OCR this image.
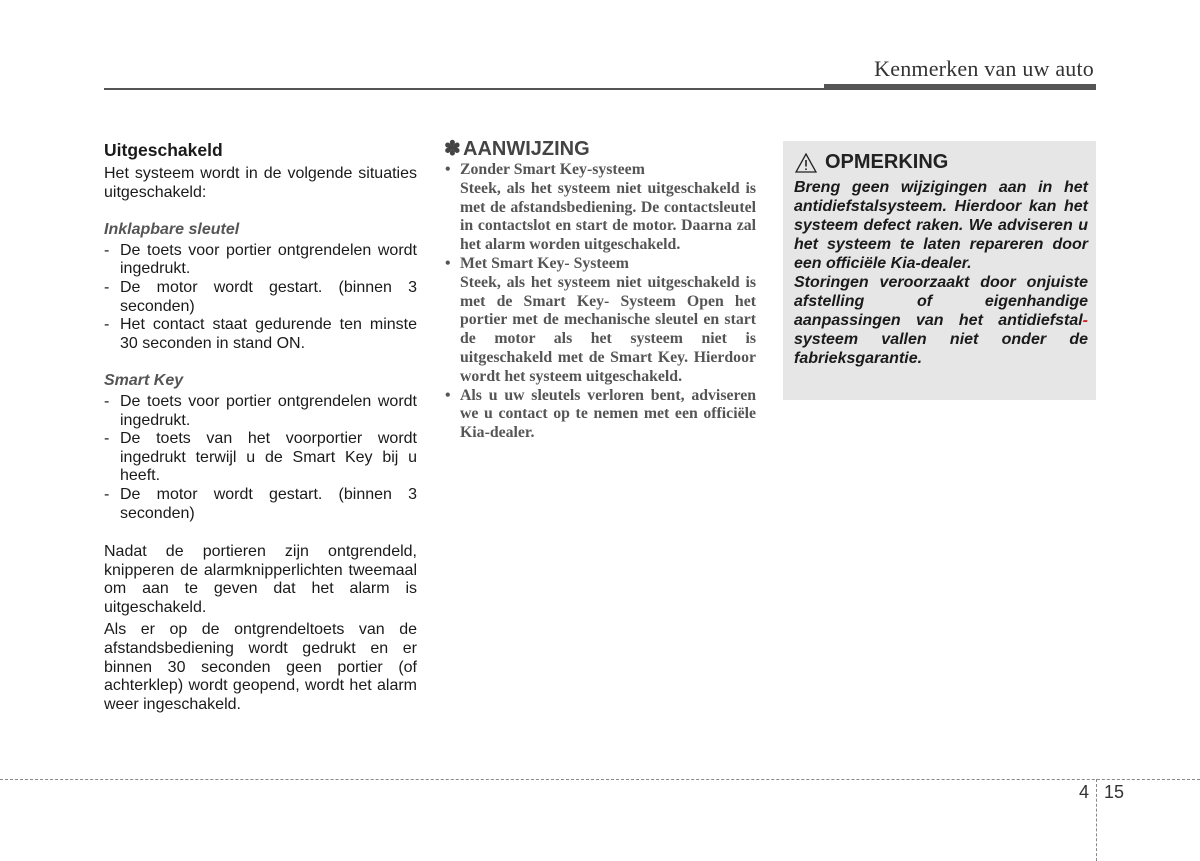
Kenmerken van uw auto
Uitgeschakeld

Het systeem wordt in de volgende situaties uitgeschakeld:

Inklapbare sleutel
- De toets voor portier ontgrendelen wordt ingedrukt.
- De motor wordt gestart. (binnen 3 seconden)
- Het contact staat gedurende ten minste 30 seconden in stand ON.
Smart Key
- De toets voor portier ontgrendelen wordt ingedrukt.
- De toets van het voorportier wordt ingedrukt terwijl u de Smart Key bij u heeft.
- De motor wordt gestart. (binnen 3 seconden)

Nadat de portieren zijn ontgrendeld, knipperen de alarmknipperlichten tweemaal om aan te geven dat het alarm is uitgeschakeld.

Als er op de ontgrendeltoets van de afstandsbediening wordt gedrukt en er binnen 30 seconden geen portier (of achterklep) wordt geopend, wordt het alarm weer ingeschakeld.

✽ AANWIJZING
• Zonder Smart Key-systeem
Steek, als het systeem niet uitgeschakeld is met de afstandsbediening. De contactsleutel in contactslot en start de motor. Daarna zal het alarm worden uitgeschakeld.
• Met Smart Key- Systeem
Steek, als het systeem niet uitgeschakeld is met de Smart Key- Systeem Open het portier met de mechanische sleutel en start de motor als het systeem niet is uitgeschakeld met de Smart Key. Hierdoor wordt het systeem uitgeschakeld.
• Als u uw sleutels verloren bent, adviseren we u contact op te nemen met een officiële Kia-dealer.
OPMERKING

Breng geen wijzigingen aan in het antidiefstalsysteem. Hierdoor kan het systeem defect raken. We adviseren u het systeem te laten repareren door een officiële Kia-dealer.

Storingen veroorzaakt door onjuiste afstelling of eigenhandige aanpassingen van het antidiefstal- systeem vallen niet onder de fabrieksgarantie.

4 15
